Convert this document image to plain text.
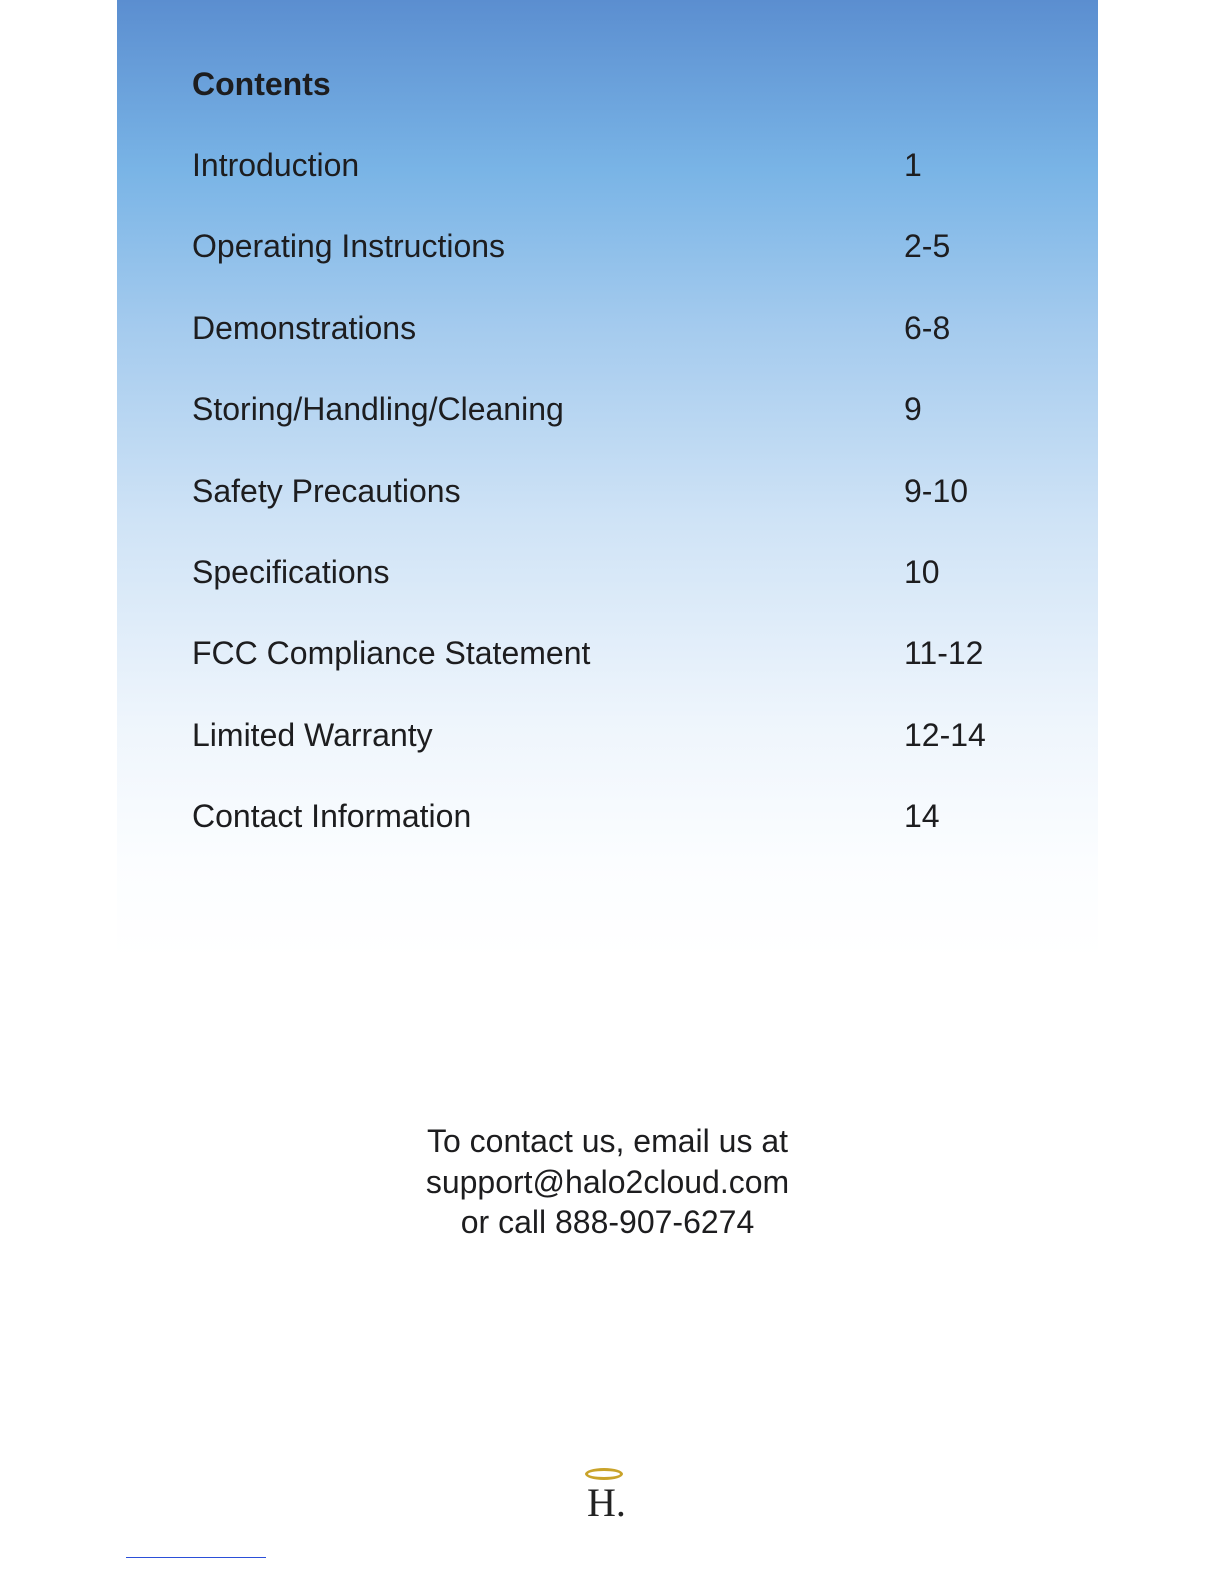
Contents
Introduction	1
Operating Instructions	2-5
Demonstrations	6-8
Storing/Handling/Cleaning	9
Safety Precautions	9-10
Specifications	10
FCC Compliance Statement	11-12
Limited Warranty	12-14
Contact Information	14
To contact us, email us at
support@halo2cloud.com
or call 888-907-6274
H.
